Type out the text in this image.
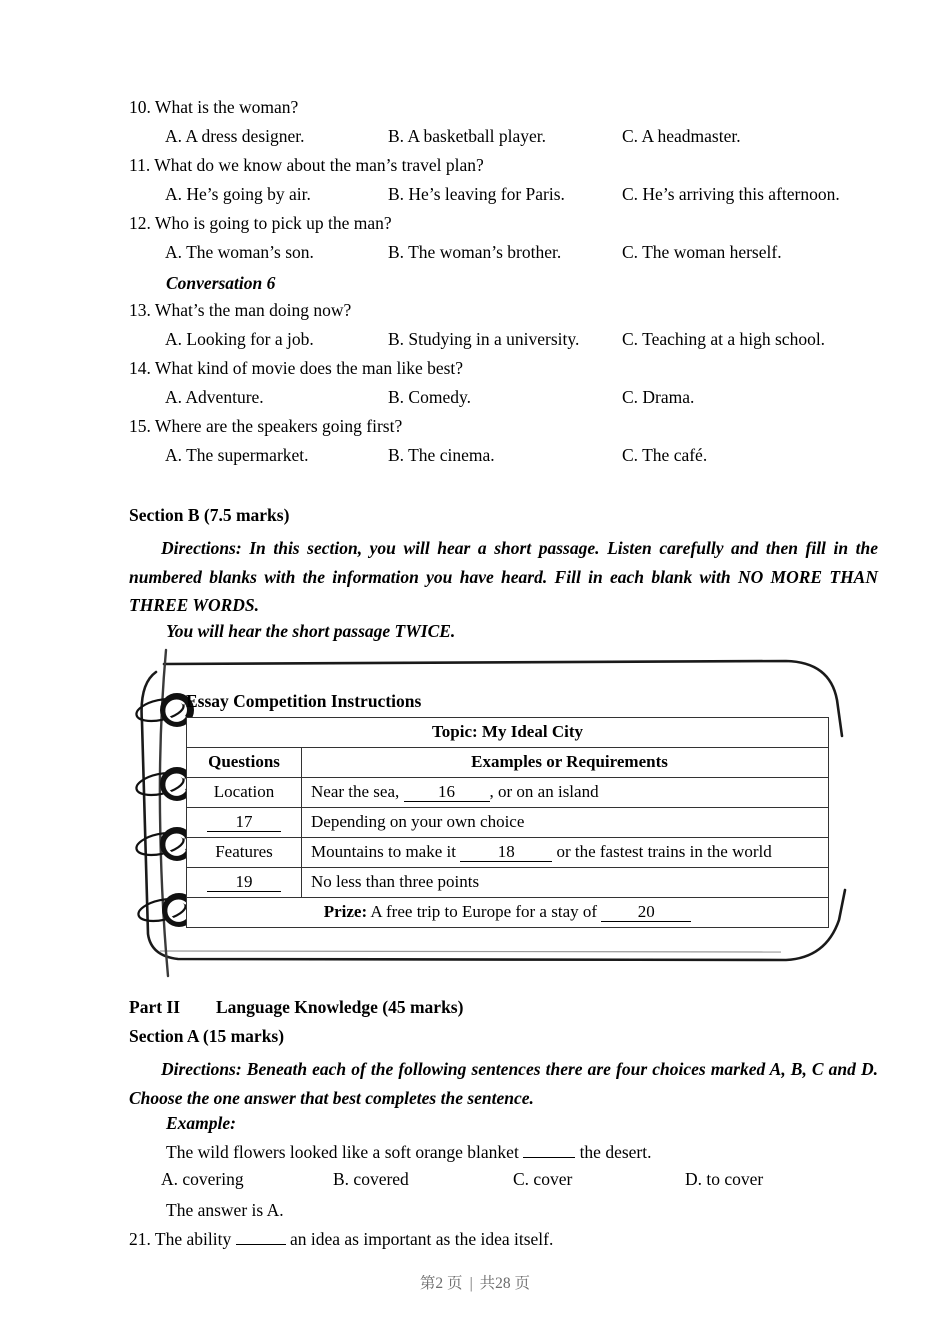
10. What is the woman?
A. A dress designer.	B. A basketball player.	C. A headmaster.
11. What do we know about the man’s travel plan?
A. He’s going by air.	B. He’s leaving for Paris.	C. He’s arriving this afternoon.
12. Who is going to pick up the man?
A. The woman’s son.	B. The woman’s brother.	C. The woman herself.
Conversation 6
13. What’s the man doing now?
A. Looking for a job.	B. Studying in a university. C. Teaching at a high school.
14. What kind of movie does the man like best?
A. Adventure.	B. Comedy.	C. Drama.
15. Where are the speakers going first?
A. The supermarket.	B. The cinema.	C. The café.
Section B (7.5 marks)
Directions: In this section, you will hear a short passage. Listen carefully and then fill in the numbered blanks with the information you have heard. Fill in each blank with NO MORE THAN THREE WORDS.
You will hear the short passage TWICE.
Essay Competition Instructions
Topic: My Ideal City	
Questions	Examples or Requirements
Location	Near the sea, 16 , or on an island
17	Depending on your own choice
Features	Mountains to make it 18 or the fastest trains in the world
19	No less than three points
Prize: A free trip to Europe for a stay of 20	
Part II Language Knowledge (45 marks)
Section A (15 marks)
Directions: Beneath each of the following sentences there are four choices marked A, B, C and D. Choose the one answer that best completes the sentence.
Example:
The wild flowers looked like a soft orange blanket	the desert.
A. covering	B. covered	C. cover	D. to cover
The answer is A.
21. The ability	an idea as important as the idea itself.
第2 页 | 共28 页
